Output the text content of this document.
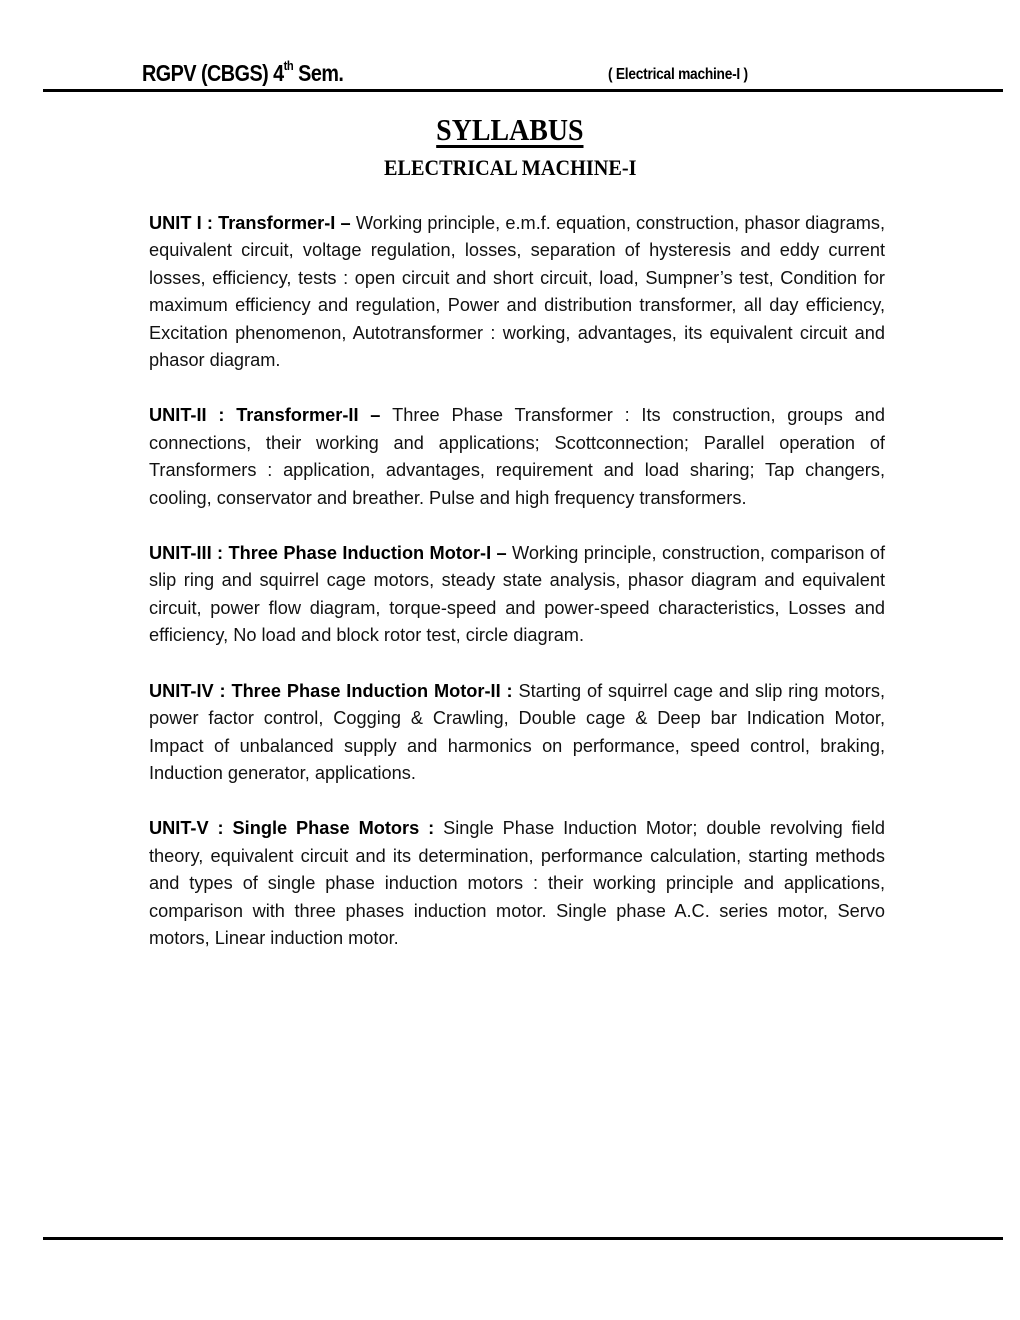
RGPV (CBGS) 4th Sem.	( Electrical machine-I )
SYLLABUS
ELECTRICAL MACHINE-I

UNIT I : Transformer-I – Working principle, e.m.f. equation, construction, phasor diagrams, equivalent circuit, voltage regulation, losses, separation of hysteresis and eddy current losses, efficiency, tests : open circuit and short circuit, load, Sumpner’s test, Condition for maximum efficiency and regulation, Power and distribution transformer, all day efficiency, Excitation phenomenon, Autotransformer : working, advantages, its equivalent circuit and phasor diagram.

UNIT-II : Transformer-II – Three Phase Transformer : Its construction, groups and connections, their working and applications; Scottconnection; Parallel operation of Transformers : application, advantages, requirement and load sharing; Tap changers, cooling, conservator and breather. Pulse and high frequency transformers.

UNIT-III : Three Phase Induction Motor-I – Working principle, construction, comparison of slip ring and squirrel cage motors, steady state analysis, phasor diagram and equivalent circuit, power flow diagram, torque-speed and power-speed characteristics, Losses and efficiency, No load and block rotor test, circle diagram.

UNIT-IV : Three Phase Induction Motor-II : Starting of squirrel cage and slip ring motors, power factor control, Cogging & Crawling, Double cage & Deep bar Indication Motor, Impact of unbalanced supply and harmonics on performance, speed control, braking, Induction generator, applications.

UNIT-V : Single Phase Motors : Single Phase Induction Motor; double revolving field theory, equivalent circuit and its determination, performance calculation, starting methods and types of single phase induction motors : their working principle and applications, comparison with three phases induction motor. Single phase A.C. series motor, Servo motors, Linear induction motor.
